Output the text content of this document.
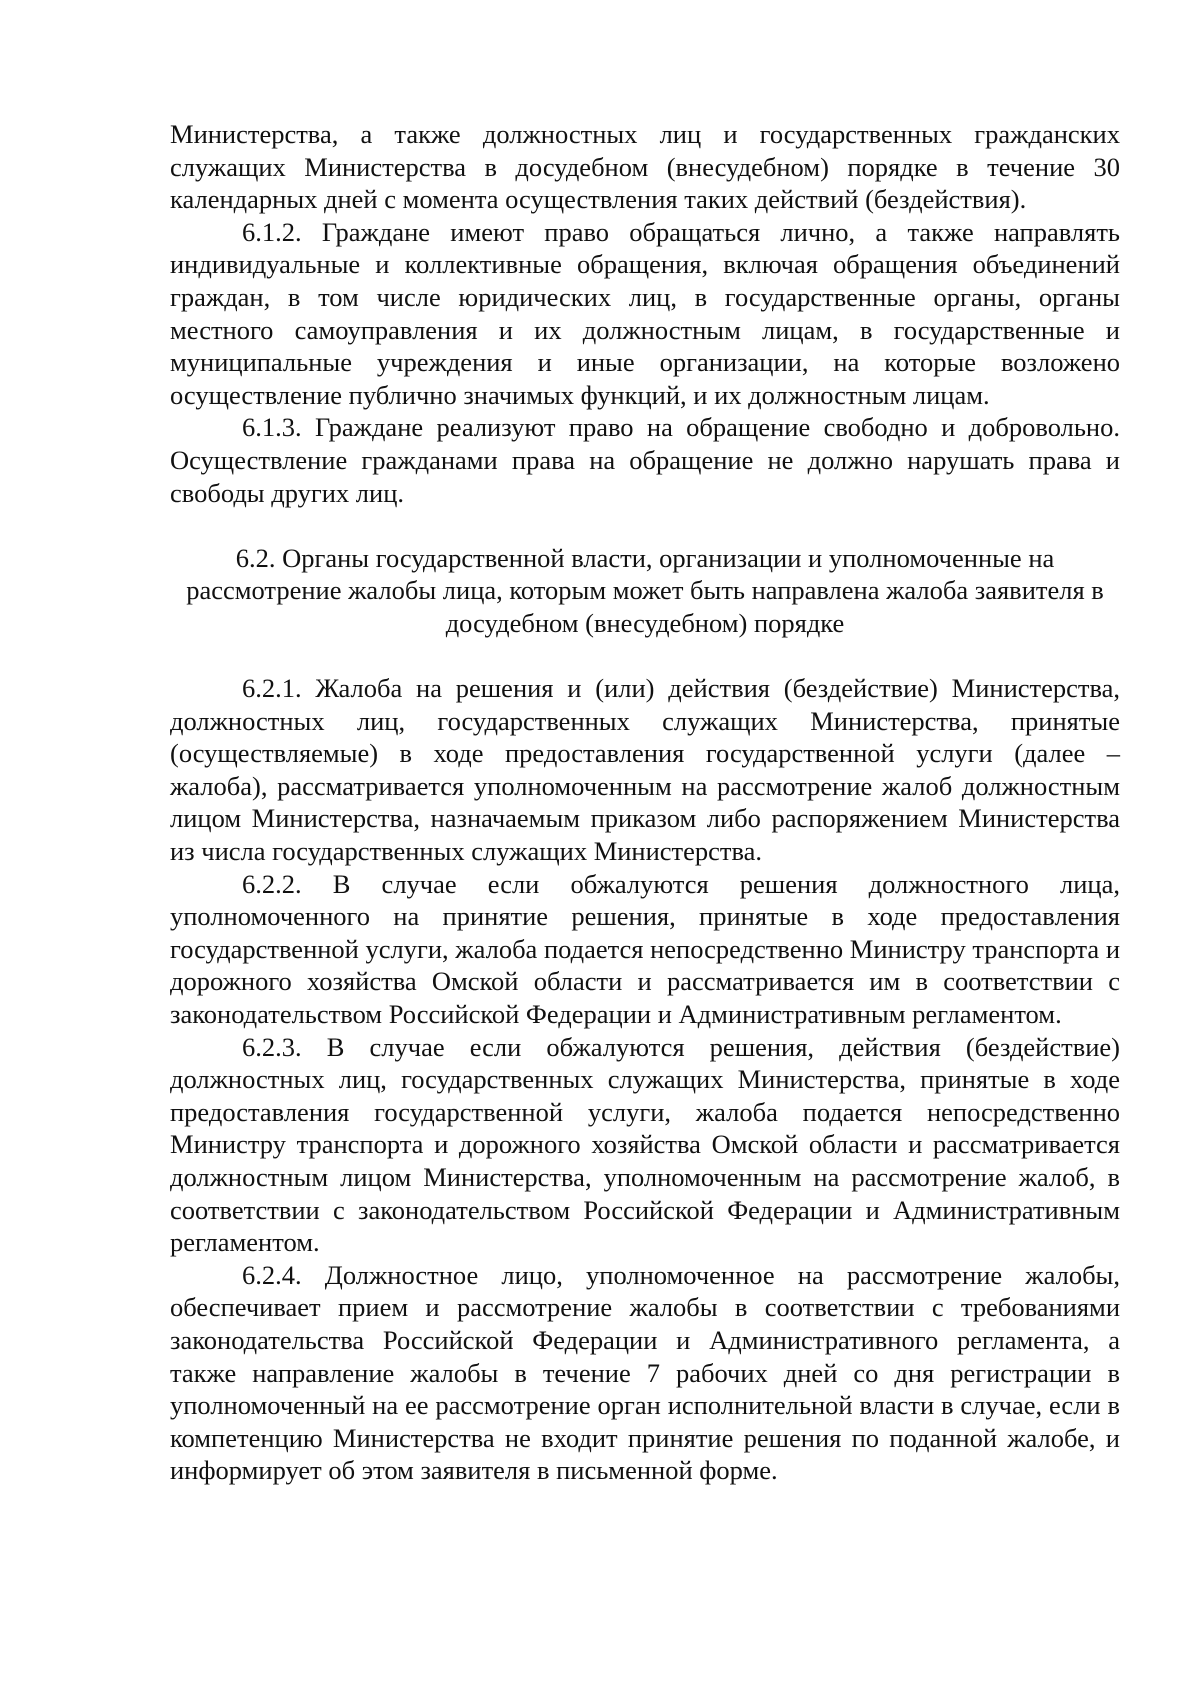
Министерства, а также должностных лиц и государственных гражданских служащих Министерства в досудебном (внесудебном) порядке в течение 30 календарных дней с момента осуществления таких действий (бездействия).

6.1.2. Граждане имеют право обращаться лично, а также направлять индивидуальные и коллективные обращения, включая обращения объединений граждан, в том числе юридических лиц, в государственные органы, органы местного самоуправления и их должностным лицам, в государственные и муниципальные учреждения и иные организации, на которые возложено осуществление публично значимых функций, и их должностным лицам.

6.1.3. Граждане реализуют право на обращение свободно и добровольно. Осуществление гражданами права на обращение не должно нарушать права и свободы других лиц.

6.2. Органы государственной власти, организации и уполномоченные на рассмотрение жалобы лица, которым может быть направлена жалоба заявителя в досудебном (внесудебном) порядке

6.2.1. Жалоба на решения и (или) действия (бездействие) Министерства, должностных лиц, государственных служащих Министерства, принятые (осуществляемые) в ходе предоставления государственной услуги (далее – жалоба), рассматривается уполномоченным на рассмотрение жалоб должностным лицом Министерства, назначаемым приказом либо распоряжением Министерства из числа государственных служащих Министерства.

6.2.2. В случае если обжалуются решения должностного лица, уполномоченного на принятие решения, принятые в ходе предоставления государственной услуги, жалоба подается непосредственно Министру транспорта и дорожного хозяйства Омской области и рассматривается им в соответствии с законодательством Российской Федерации и Административным регламентом.

6.2.3. В случае если обжалуются решения, действия (бездействие) должностных лиц, государственных служащих Министерства, принятые в ходе предоставления государственной услуги, жалоба подается непосредственно Министру транспорта и дорожного хозяйства Омской области и рассматривается должностным лицом Министерства, уполномоченным на рассмотрение жалоб, в соответствии с законодательством Российской Федерации и Административным регламентом.

6.2.4. Должностное лицо, уполномоченное на рассмотрение жалобы, обеспечивает прием и рассмотрение жалобы в соответствии с требованиями законодательства Российской Федерации и Административного регламента, а также направление жалобы в течение 7 рабочих дней со дня регистрации в уполномоченный на ее рассмотрение орган исполнительной власти в случае, если в компетенцию Министерства не входит принятие решения по поданной жалобе, и информирует об этом заявителя в письменной форме.
